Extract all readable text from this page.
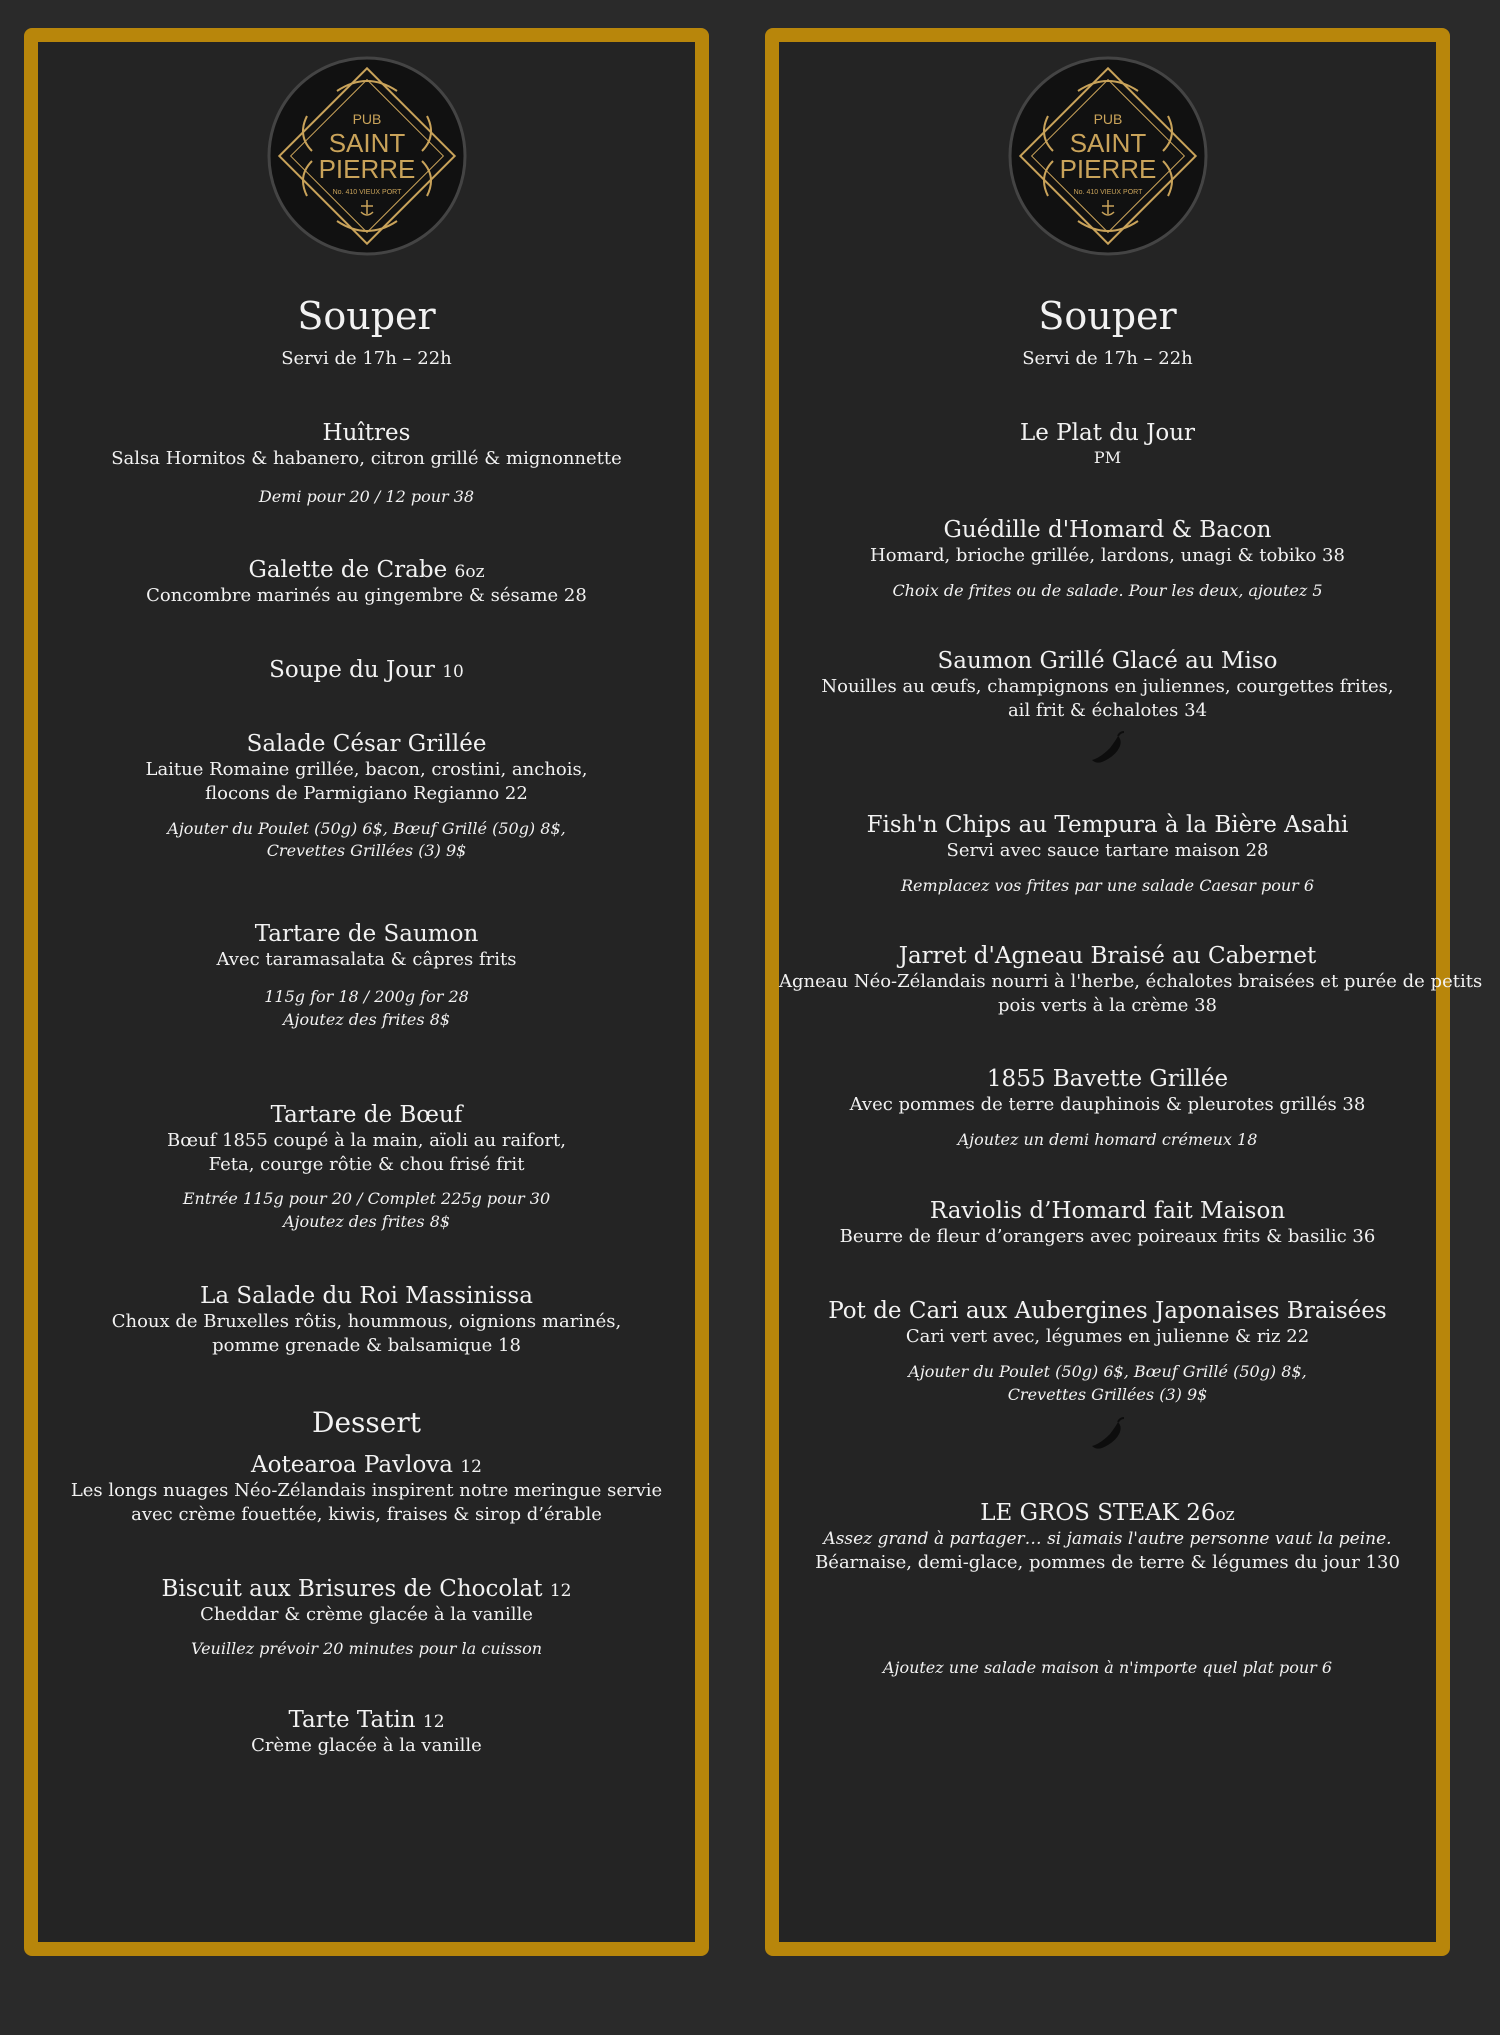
PUB
SAINT
PIERRE
No. 410 VIEUX PORT
Souper
Servi de 17h – 22h
Huîtres
Salsa Hornitos & habanero, citron grillé & mignonnette
Demi pour 20 / 12 pour 38
Galette de Crabe 6oz
Concombre marinés au gingembre & sésame 28
Soupe du Jour 10
Salade César Grillée
Laitue Romaine grillée, bacon, crostini, anchois,
flocons de Parmigiano Regianno 22
Ajouter du Poulet (50g) 6$, Bœuf Grillé (50g) 8$,
Crevettes Grillées (3) 9$
Tartare de Saumon
Avec taramasalata & câpres frits
115g for 18 / 200g for 28
Ajoutez des frites 8$
Tartare de Bœuf
Bœuf 1855 coupé à la main, aïoli au raifort,
Feta, courge rôtie & chou frisé frit
Entrée 115g pour 20 / Complet 225g pour 30
Ajoutez des frites 8$
La Salade du Roi Massinissa
Choux de Bruxelles rôtis, hoummous, oignions marinés,
pomme grenade & balsamique 18
Dessert
Aotearoa Pavlova 12
Les longs nuages Néo-Zélandais inspirent notre meringue servie
avec crème fouettée, kiwis, fraises & sirop d’érable
Biscuit aux Brisures de Chocolat 12
Cheddar & crème glacée à la vanille
Veuillez prévoir 20 minutes pour la cuisson
Tarte Tatin 12
Crème glacée à la vanille
PUB
SAINT
PIERRE
No. 410 VIEUX PORT
Souper
Servi de 17h – 22h
Le Plat du Jour
PM
Guédille d'Homard & Bacon
Homard, brioche grillée, lardons, unagi & tobiko 38
Choix de frites ou de salade. Pour les deux, ajoutez 5
Saumon Grillé Glacé au Miso
Nouilles au œufs, champignons en juliennes, courgettes frites,
ail frit & échalotes 34
Fish'n Chips au Tempura à la Bière Asahi
Servi avec sauce tartare maison 28
Remplacez vos frites par une salade Caesar pour 6
Jarret d'Agneau Braisé au Cabernet
Agneau Néo-Zélandais nourri à l'herbe, échalotes braisées et purée de petits
pois verts à la crème 38
1855 Bavette Grillée
Avec pommes de terre dauphinois & pleurotes grillés 38
Ajoutez un demi homard crémeux 18
Raviolis d’Homard fait Maison
Beurre de fleur d’orangers avec poireaux frits & basilic 36
Pot de Cari aux Aubergines Japonaises Braisées
Cari vert avec, légumes en julienne & riz 22
Ajouter du Poulet (50g) 6$, Bœuf Grillé (50g) 8$,
Crevettes Grillées (3) 9$
LE GROS STEAK 26oz
Assez grand à partager… si jamais l'autre personne vaut la peine.
Béarnaise, demi-glace, pommes de terre & légumes du jour 130
Ajoutez une salade maison à n'importe quel plat pour 6
